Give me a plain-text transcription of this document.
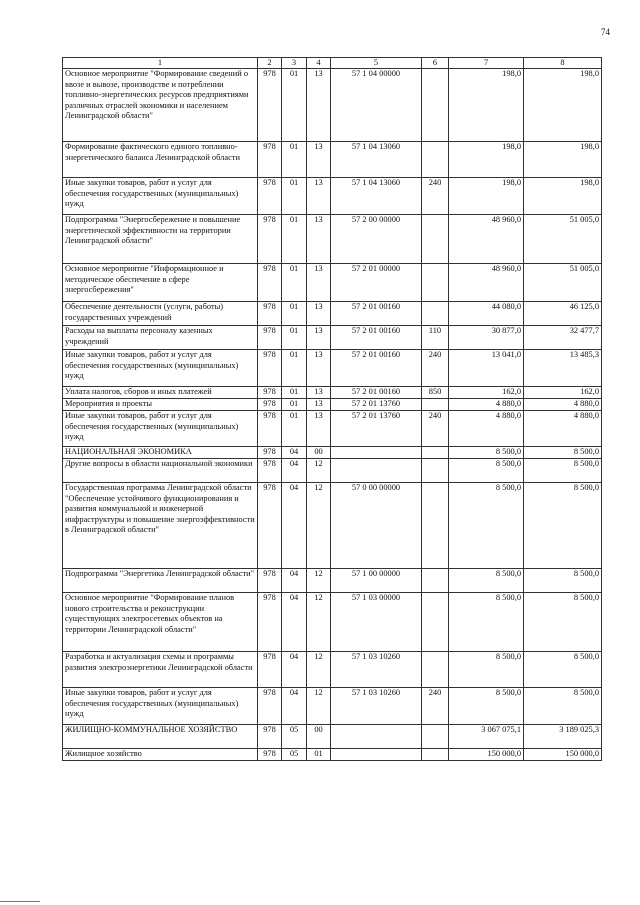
74
1	2	3	4	5	6	7	8
Основное мероприятие "Формирование сведений о ввозе и вывозе, производстве и потреблении топливно-энергетических ресурсов предприятиями различных отраслей экономики и населением Ленинградской области"	978	01	13	57 1 04 00000		198,0	198,0
Формирование фактического единого топливно-энергетического баланса Ленинградской области	978	01	13	57 1 04 13060		198,0	198,0
Иные закупки товаров, работ и услуг для обеспечения государственных (муниципальных) нужд	978	01	13	57 1 04 13060	240	198,0	198,0
Подпрограмма "Энергосбережение и повышение энергетической эффективности на территории Ленинградской области"	978	01	13	57 2 00 00000		48 960,0	51 005,0
Основное мероприятие "Информационное и методическое обеспечение в сфере энергосбережения"	978	01	13	57 2 01 00000		48 960,0	51 005,0
Обеспечение деятельности (услуги, работы) государственных учреждений	978	01	13	57 2 01 00160		44 080,0	46 125,0
Расходы на выплаты персоналу казенных учреждений	978	01	13	57 2 01 00160	110	30 877,0	32 477,7
Иные закупки товаров, работ и услуг для обеспечения государственных (муниципальных) нужд	978	01	13	57 2 01 00160	240	13 041,0	13 485,3
Уплата налогов, сборов и иных платежей	978	01	13	57 2 01 00160	850	162,0	162,0
Мероприятия и проекты	978	01	13	57 2 01 13760		4 880,0	4 880,0
Иные закупки товаров, работ и услуг для обеспечения государственных (муниципальных) нужд	978	01	13	57 2 01 13760	240	4 880,0	4 880,0
НАЦИОНАЛЬНАЯ ЭКОНОМИКА	978	04	00			8 500,0	8 500,0
Другие вопросы в области национальной экономики	978	04	12			8 500,0	8 500,0
Государственная программа Ленинградской области "Обеспечение устойчивого функционирования и развития коммунальной и инженерной инфраструктуры и повышение энергоэффективности в Ленинградской области"	978	04	12	57 0 00 00000		8 500,0	8 500,0
Подпрограмма "Энергетика Ленинградской области"	978	04	12	57 1 00 00000		8 500,0	8 500,0
Основное мероприятие "Формирование планов нового строительства и реконструкции существующих электросетевых объектов на территории Ленинградской области"	978	04	12	57 1 03 00000		8 500,0	8 500,0
Разработка и актуализация схемы и программы развития электроэнергетики Ленинградской области	978	04	12	57 1 03 10260		8 500,0	8 500,0
Иные закупки товаров, работ и услуг для обеспечения государственных (муниципальных) нужд	978	04	12	57 1 03 10260	240	8 500,0	8 500,0
ЖИЛИЩНО-КОММУНАЛЬНОЕ ХОЗЯЙСТВО	978	05	00			3 067 075,1	3 189 025,3
Жилищное хозяйство	978	05	01			150 000,0	150 000,0
